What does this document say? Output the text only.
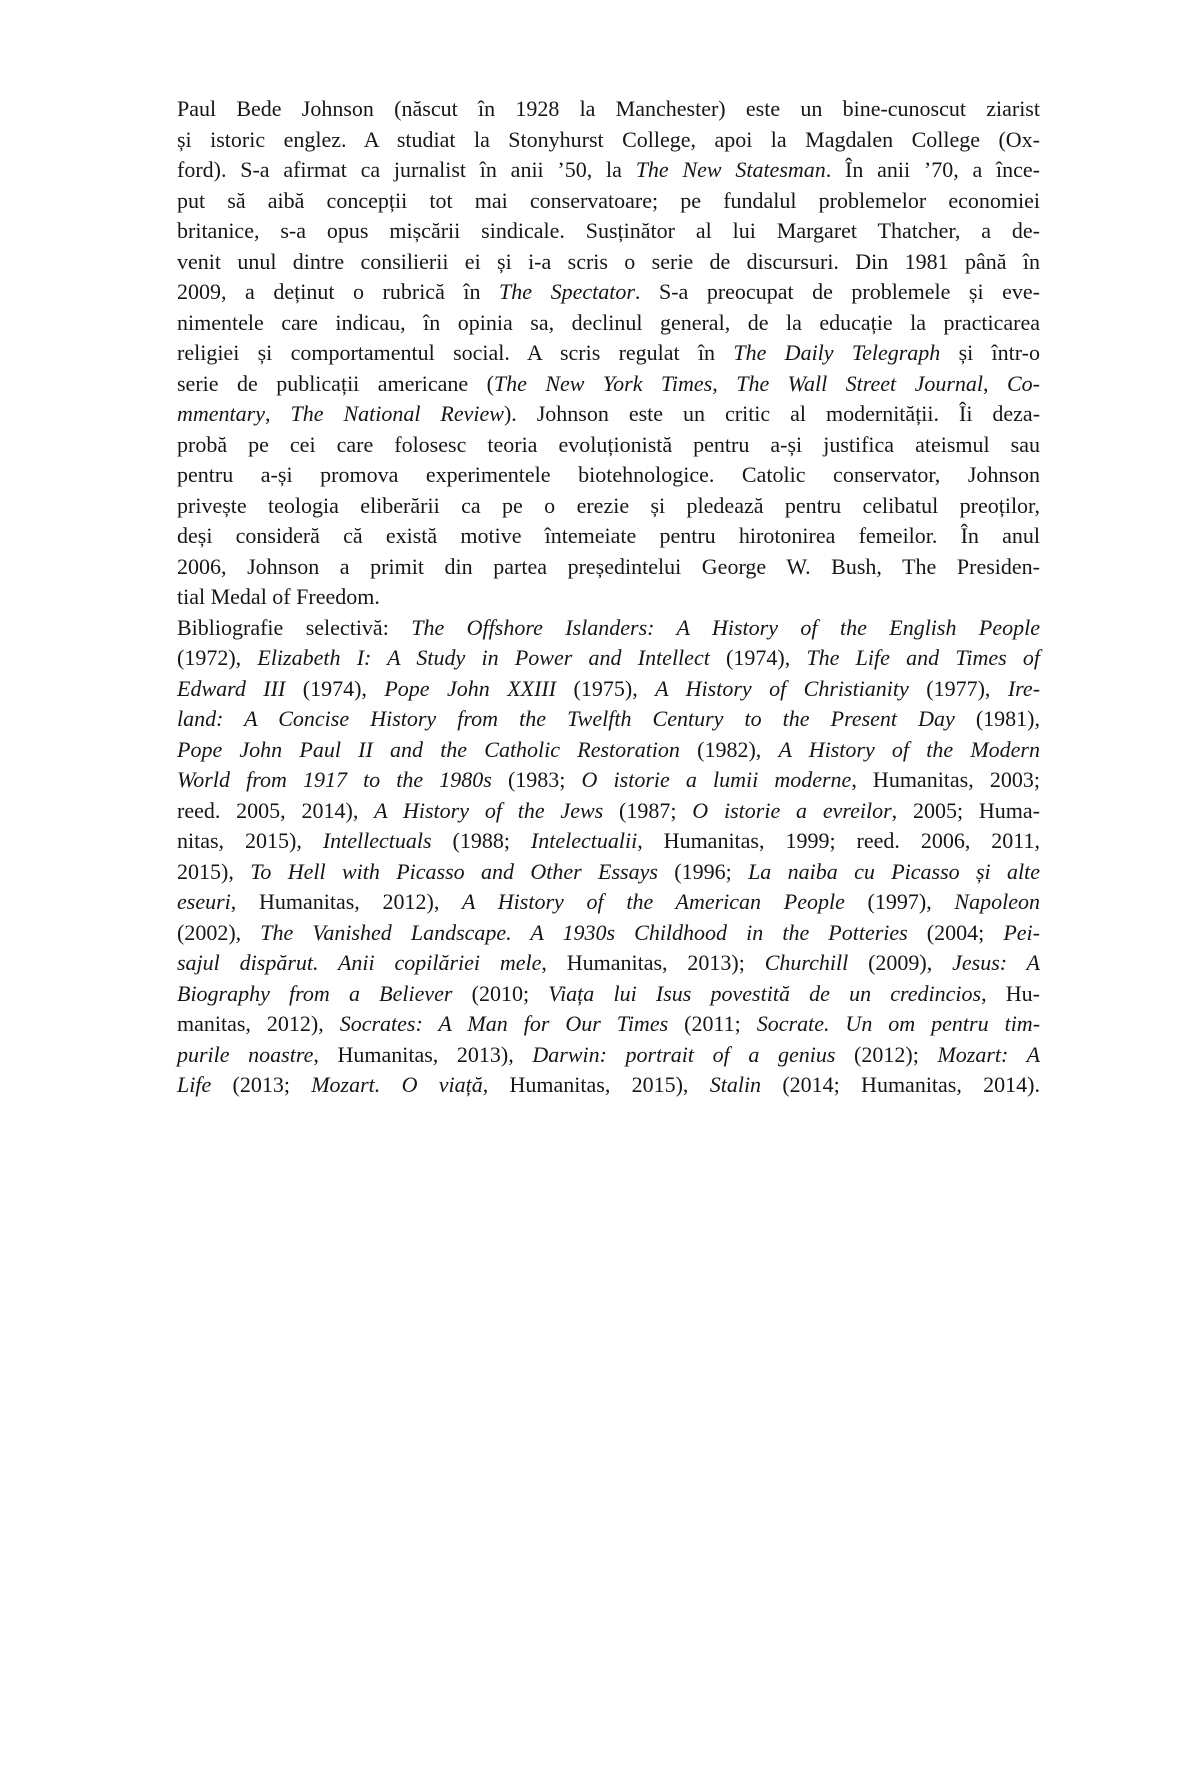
Paul Bede Johnson (născut în 1928 la Manchester) este un bine-cunoscut ziarist
și istoric englez. A studiat la Stonyhurst College, apoi la Magdalen College (Ox-
ford). S-a afirmat ca jurnalist în anii ’50, la The New Statesman. În anii ’70, a înce-
put să aibă concepții tot mai conservatoare; pe fundalul problemelor economiei
britanice, s-a opus mișcării sindicale. Susținător al lui Margaret Thatcher, a de-
venit unul dintre consilierii ei și i-a scris o serie de discursuri. Din 1981 până în
2009, a deținut o rubrică în The Spectator. S-a preocupat de problemele și eve-
nimentele care indicau, în opinia sa, declinul general, de la educație la practicarea
religiei și comportamentul social. A scris regulat în The Daily Telegraph și într-o
serie de publicații americane (The New York Times, The Wall Street Journal, Co-
mmentary, The National Review). Johnson este un critic al modernității. Îi deza-
probă pe cei care folosesc teoria evoluționistă pentru a-și justifica ateismul sau
pentru a-și promova experimentele biotehnologice. Catolic conservator, Johnson
privește teologia eliberării ca pe o erezie și pledează pentru celibatul preoților,
deși consideră că există motive întemeiate pentru hirotonirea femeilor. În anul
2006, Johnson a primit din partea președintelui George W. Bush, The Presiden-
tial Medal of Freedom.
Bibliografie selectivă: The Offshore Islanders: A History of the English People
(1972), Elizabeth I: A Study in Power and Intellect (1974), The Life and Times of
Edward III (1974), Pope John XXIII (1975), A History of Christianity (1977), Ire-
land: A Concise History from the Twelfth Century to the Present Day (1981),
Pope John Paul II and the Catholic Restoration (1982), A History of the Modern
World from 1917 to the 1980s (1983; O istorie a lumii moderne, Humanitas, 2003;
reed. 2005, 2014), A History of the Jews (1987; O istorie a evreilor, 2005; Huma-
nitas, 2015), Intellectuals (1988; Intelectualii, Humanitas, 1999; reed. 2006, 2011,
2015), To Hell with Picasso and Other Essays (1996; La naiba cu Picasso și alte
eseuri, Humanitas, 2012), A History of the American People (1997), Napoleon
(2002), The Vanished Landscape. A 1930s Childhood in the Potteries (2004; Pei-
sajul dispărut. Anii copilăriei mele, Humanitas, 2013); Churchill (2009), Jesus: A
Biography from a Believer (2010; Viața lui Isus povestită de un credincios, Hu-
manitas, 2012), Socrates: A Man for Our Times (2011; Socrate. Un om pentru tim-
purile noastre, Humanitas, 2013), Darwin: portrait of a genius (2012); Mozart: A
Life (2013; Mozart. O viață, Humanitas, 2015), Stalin (2014; Humanitas, 2014).
